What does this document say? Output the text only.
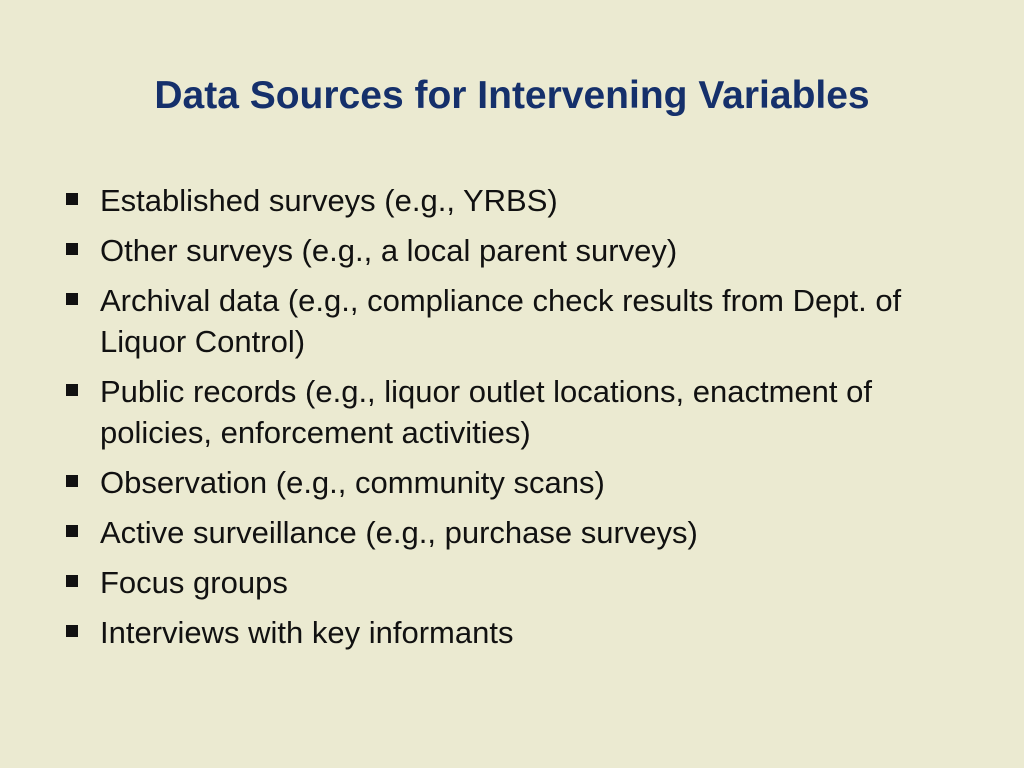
Data Sources for Intervening Variables
Established surveys (e.g., YRBS)
Other surveys (e.g., a local parent survey)
Archival data (e.g., compliance check results from Dept. of Liquor Control)
Public records (e.g., liquor outlet locations, enactment of policies, enforcement activities)
Observation (e.g., community scans)
Active surveillance (e.g., purchase surveys)
Focus groups
Interviews with key informants
